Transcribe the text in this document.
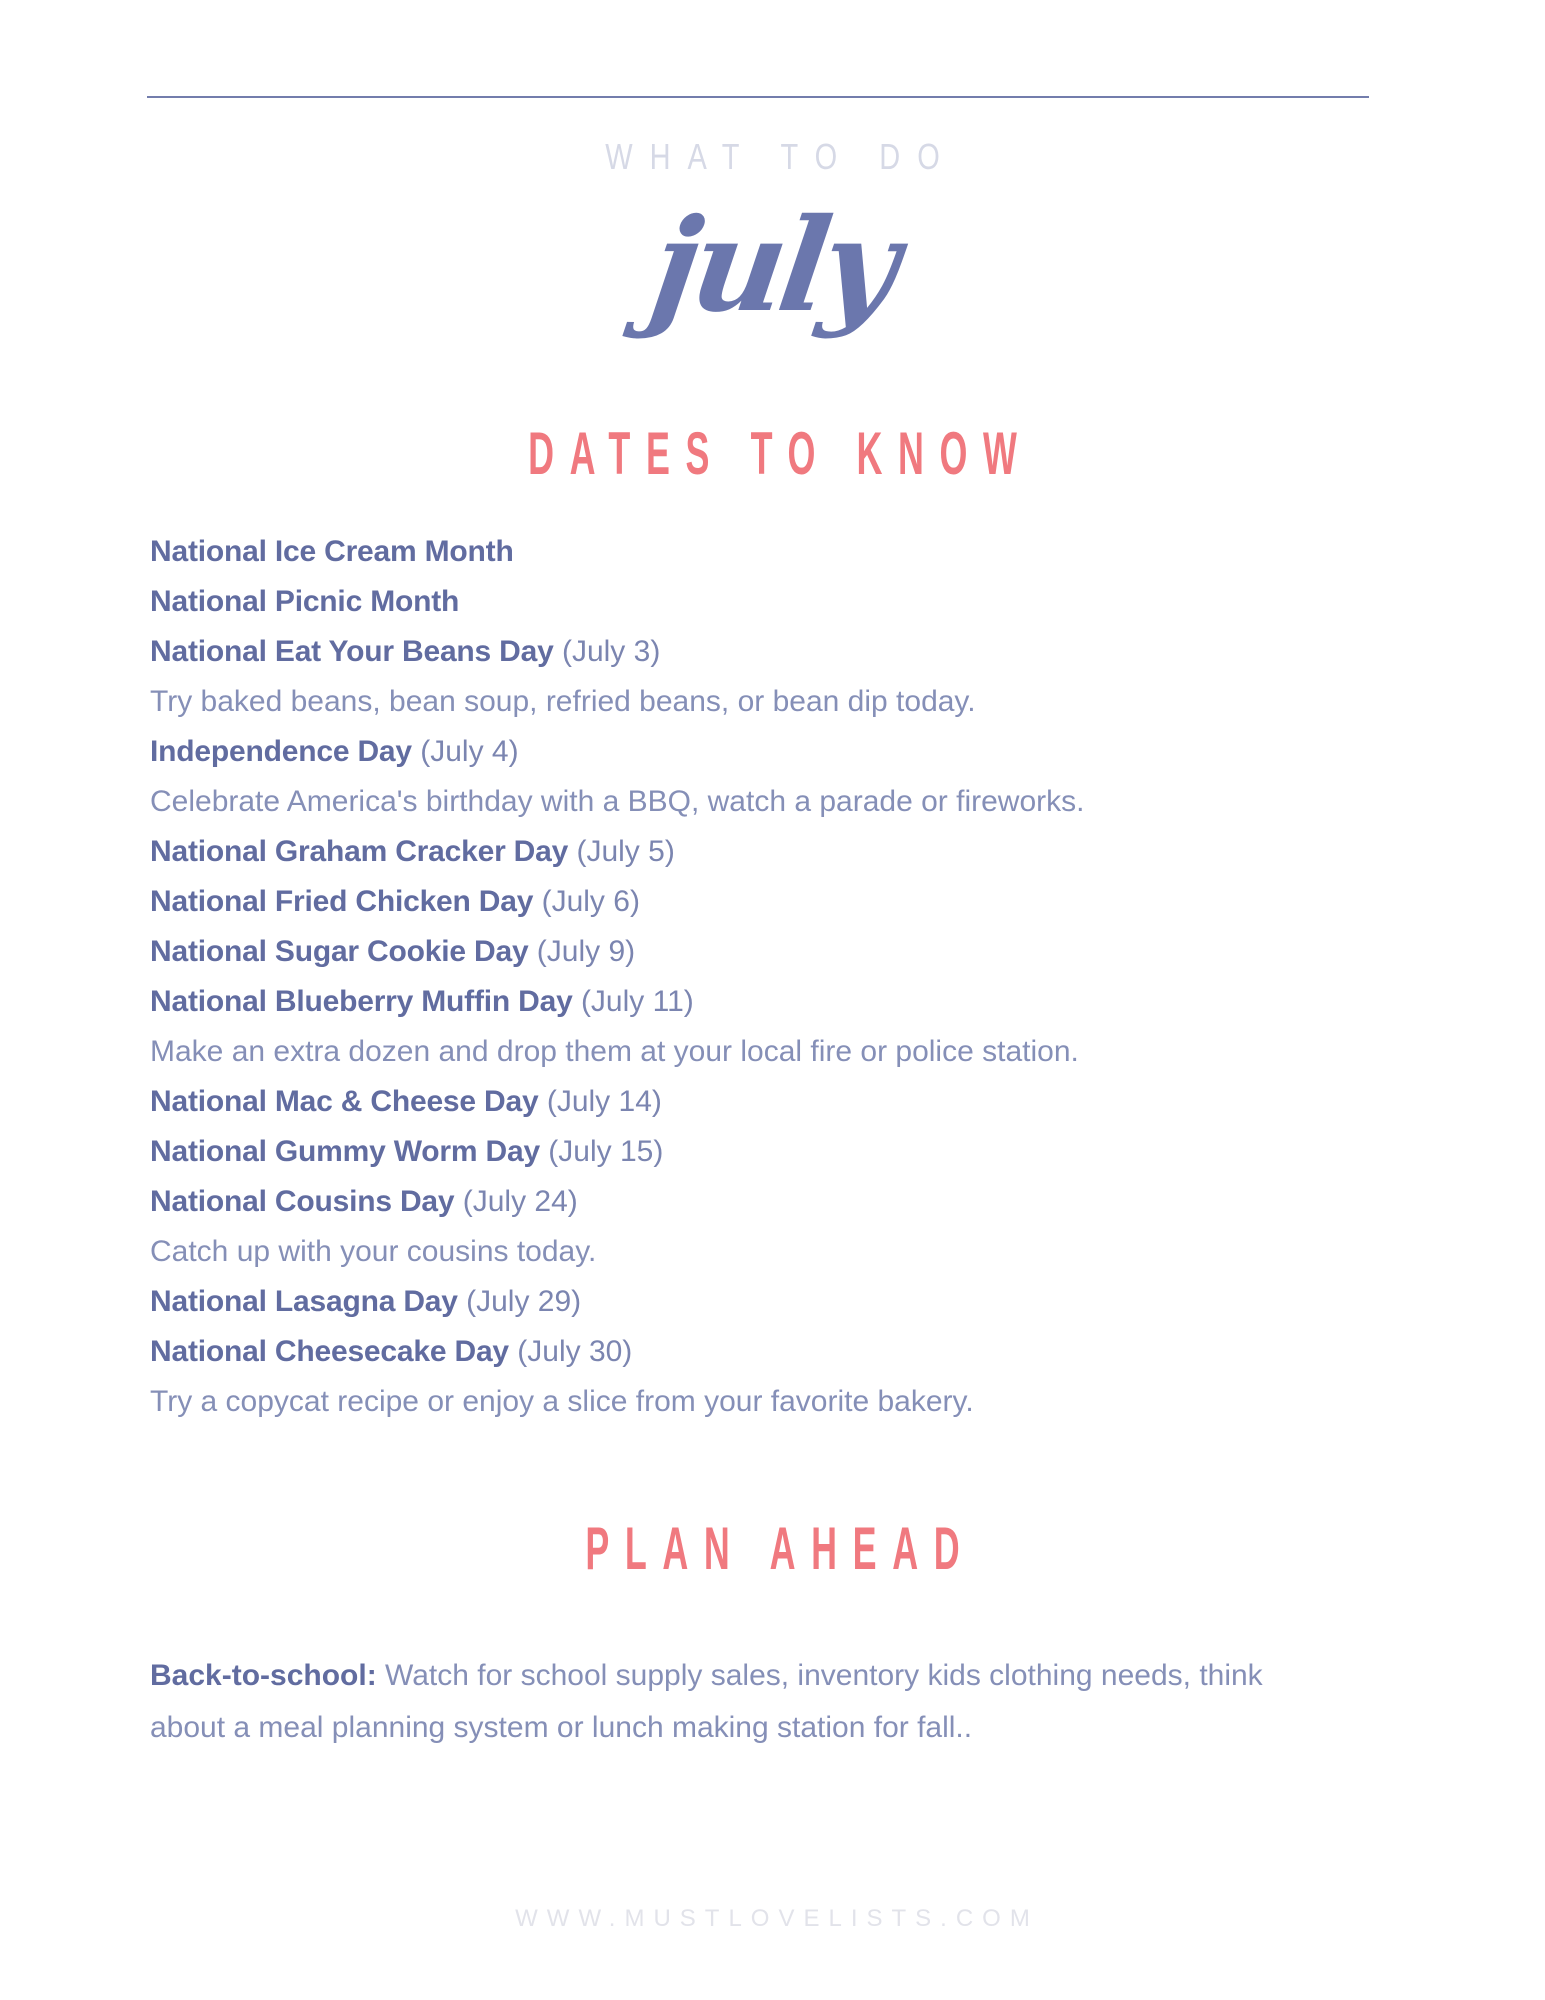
WHAT TO DO
july
DATES TO KNOW
National Ice Cream Month
National Picnic Month
National Eat Your Beans Day (July 3)
Try baked beans, bean soup, refried beans, or bean dip today.
Independence Day (July 4)
Celebrate America's birthday with a BBQ, watch a parade or fireworks.
National Graham Cracker Day (July 5)
National Fried Chicken Day (July 6)
National Sugar Cookie Day (July 9)
National Blueberry Muffin Day (July 11)
Make an extra dozen and drop them at your local fire or police station.
National Mac & Cheese Day (July 14)
National Gummy Worm Day (July 15)
National Cousins Day (July 24)
Catch up with your cousins today.
National Lasagna Day (July 29)
National Cheesecake Day (July 30)
Try a copycat recipe or enjoy a slice from your favorite bakery.
PLAN AHEAD
Back-to-school: Watch for school supply sales, inventory kids clothing needs, think about a meal planning system or lunch making station for fall..
WWW.MUSTLOVELISTS.COM
